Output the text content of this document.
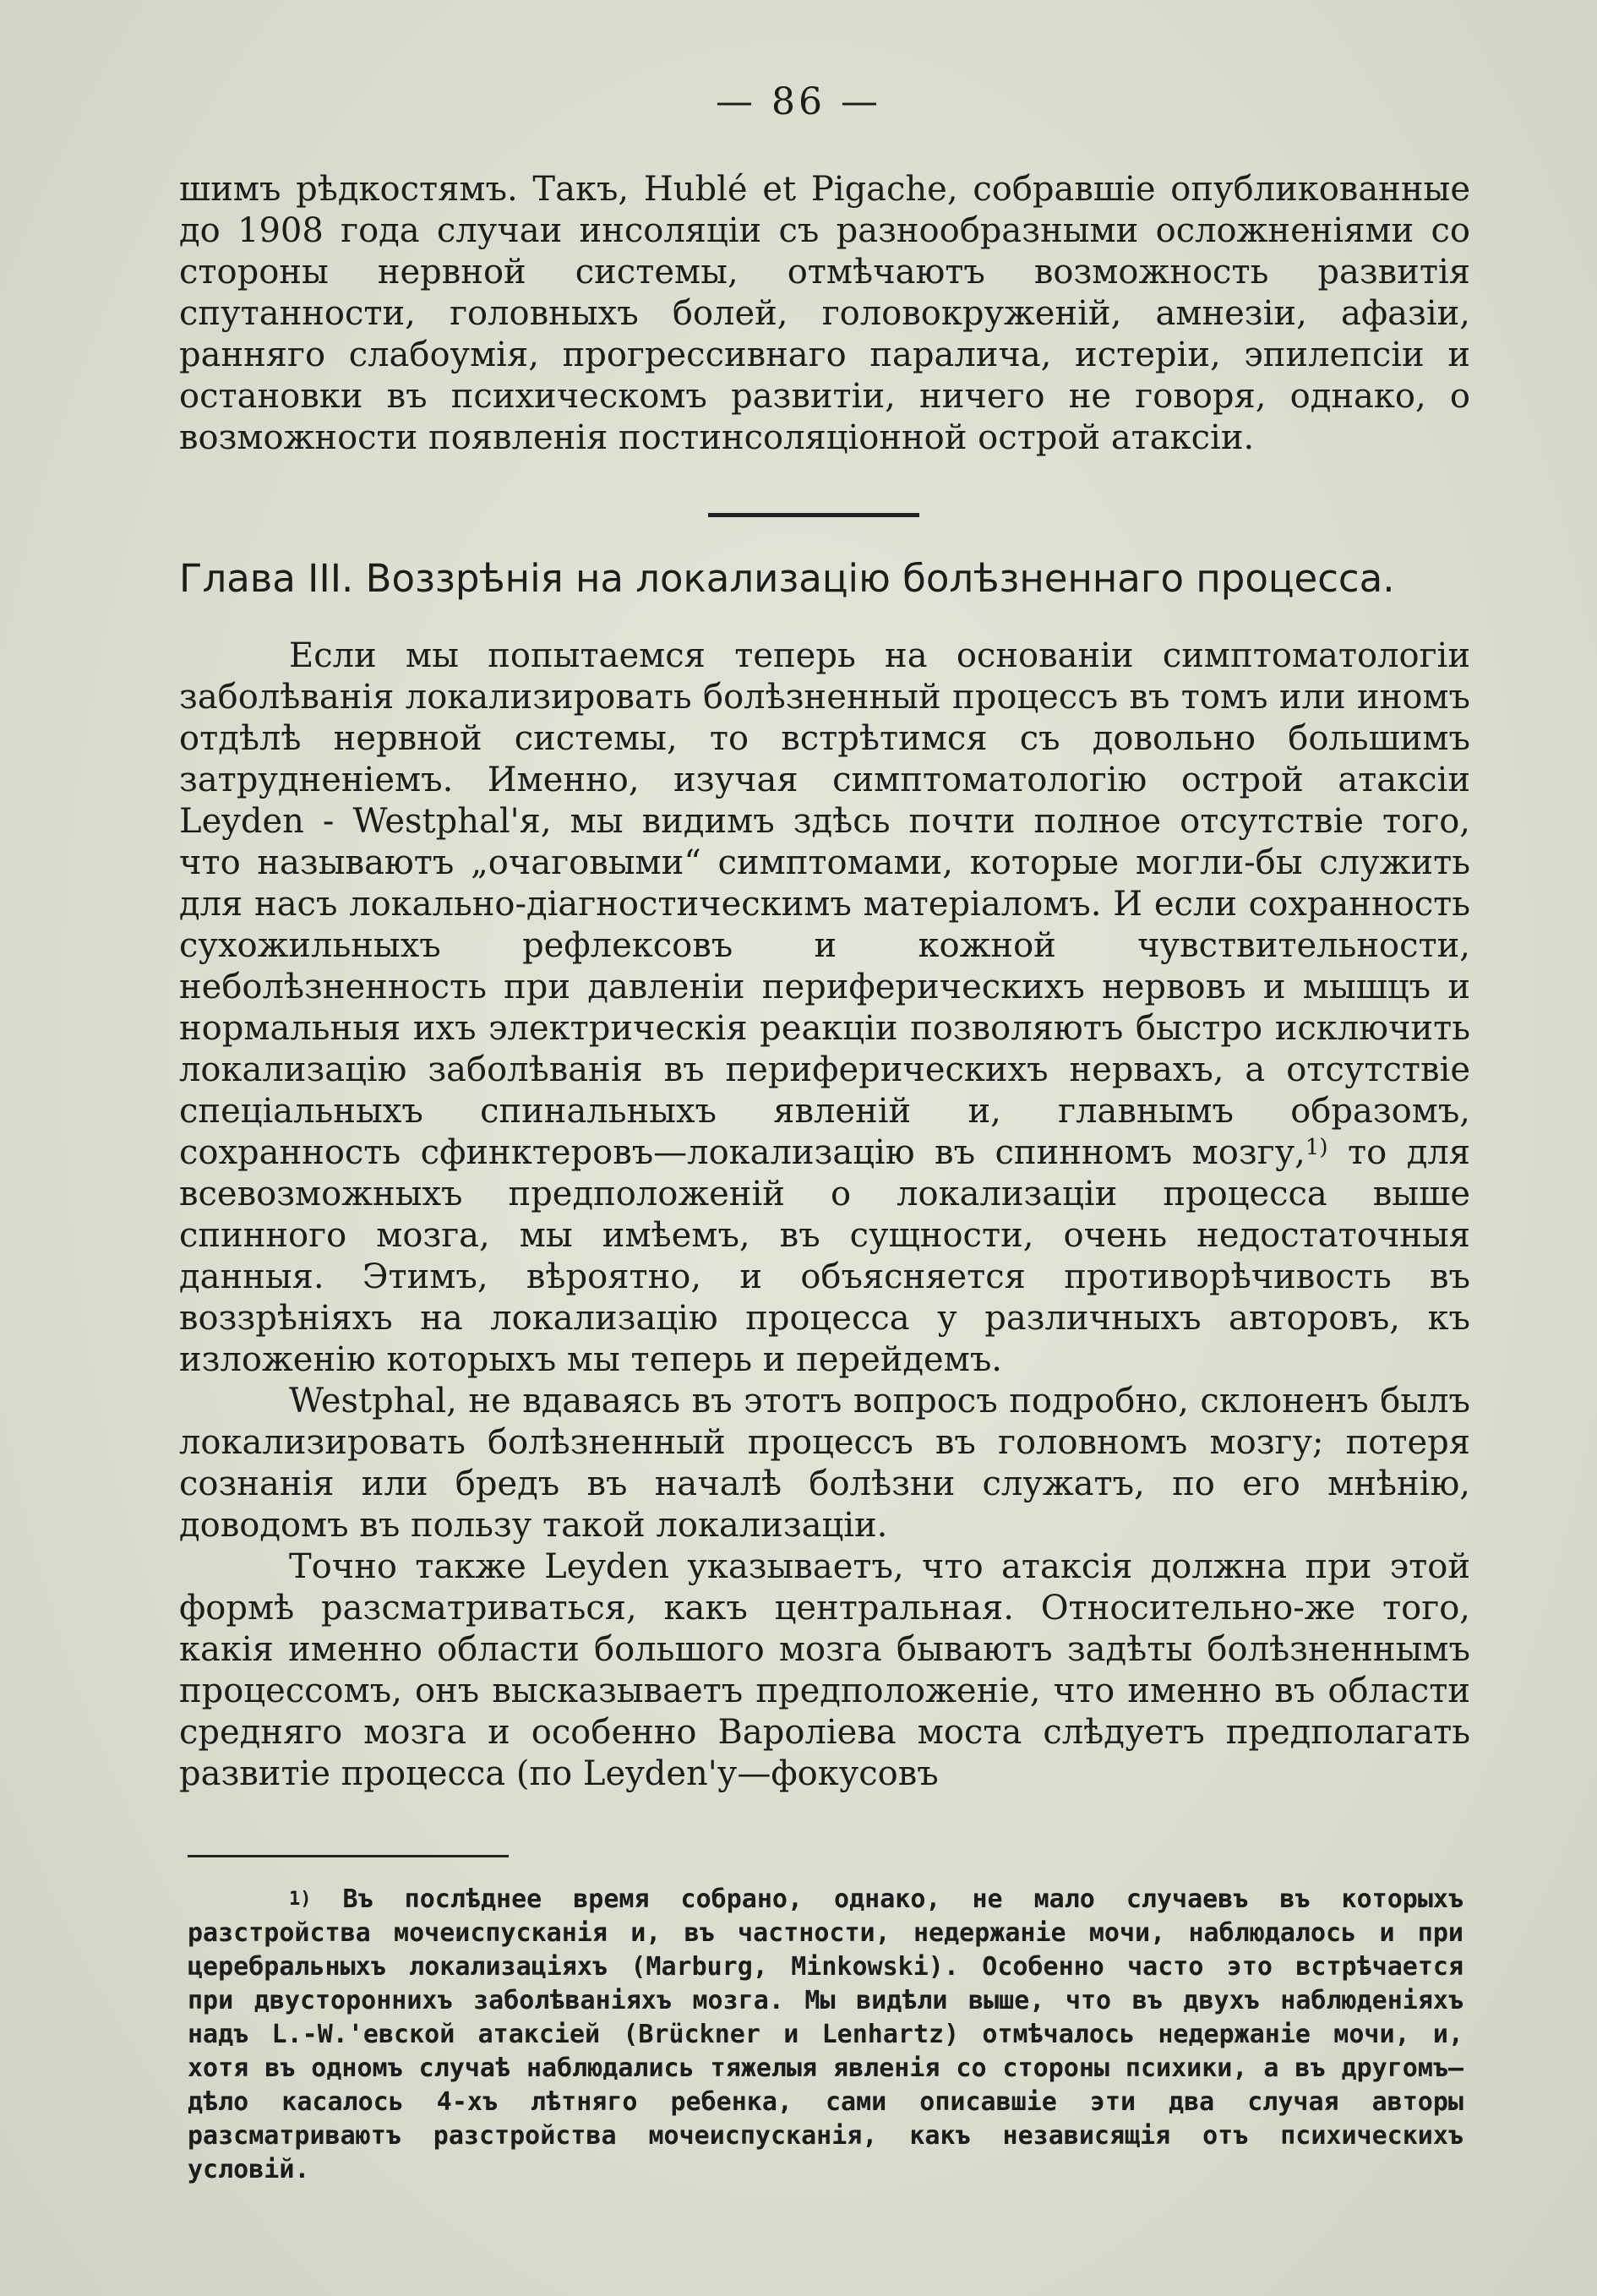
— 86 —

шимъ рѣдкостямъ. Такъ, Hublé et Pigache, собравшіе опубликованные до 1908 года случаи инсоляціи съ разнообразными осложненіями со стороны нервной системы, отмѣчаютъ возможность развитія спутанности, головныхъ болей, головокруженій, амнезіи, афазіи, ранняго слабоумія, прогрессивнаго паралича, истеріи, эпилепсіи и остановки въ психическомъ развитіи, ничего не говоря, однако, о возможности появленія постинсоляціонной острой атаксіи.

Глава III. Воззрѣнія на локализацію болѣзненнаго процесса.

Если мы попытаемся теперь на основаніи симптоматологіи заболѣванія локализировать болѣзненный процессъ въ томъ или иномъ отдѣлѣ нервной системы, то встрѣтимся съ довольно большимъ затрудненіемъ. Именно, изучая симптоматологію острой атаксіи Leyden - Westphal'я, мы видимъ здѣсь почти полное отсутствіе того, что называютъ „очаговыми“ симптомами, которые могли-бы служить для насъ локально-діагностическимъ матеріаломъ. И если сохранность сухожильныхъ рефлексовъ и кожной чувствительности, неболѣзненность при давленіи периферическихъ нервовъ и мышцъ и нормальныя ихъ электрическія реакціи позволяютъ быстро исключить локализацію заболѣванія въ периферическихъ нервахъ, а отсутствіе спеціальныхъ спинальныхъ явленій и, главнымъ образомъ, сохранность сфинктеровъ—локализацію въ спинномъ мозгу,$^{1)}$ то для всевозможныхъ предположеній о локализаціи процесса выше спинного мозга, мы имѣемъ, въ сущности, очень недостаточныя данныя. Этимъ, вѣроятно, и объясняется противорѣчивость въ воззрѣніяхъ на локализацію процесса у различныхъ авторовъ, къ изложенію которыхъ мы теперь и перейдемъ.

Westphal, не вдаваясь въ этотъ вопросъ подробно, склоненъ былъ локализировать болѣзненный процессъ въ головномъ мозгу; потеря сознанія или бредъ въ началѣ болѣзни служатъ, по его мнѣнію, доводомъ въ пользу такой локализаціи.

Точно также Leyden указываетъ, что атаксія должна при этой формѣ разсматриваться, какъ центральная. Относительно-же того, какія именно области большого мозга бываютъ задѣты болѣзненнымъ процессомъ, онъ высказываетъ предположеніе, что именно въ области средняго мозга и особенно Вароліева моста слѣдуетъ предполагать развитіе процесса (по Leyden'у—фокусовъ

$^{1)}$ Въ послѣднее время собрано, однако, не мало случаевъ въ которыхъ разстройства мочеиспусканія и, въ частности, недержаніе мочи, наблюдалось и при церебральныхъ локализаціяхъ (Marburg, Minkowski). Особенно часто это встрѣчается при двустороннихъ заболѣваніяхъ мозга. Мы видѣли выше, что въ двухъ наблюденіяхъ надъ L.-W.'евской атаксіей (Brückner и Lenhartz) отмѣчалось недержаніе мочи, и, хотя въ одномъ случаѣ наблюдались тяжелыя явленія со стороны психики, а въ другомъ—дѣло касалось 4-хъ лѣтняго ребенка, сами описавшіе эти два случая авторы разсматриваютъ разстройства мочеиспусканія, какъ независящія отъ психическихъ условій.
